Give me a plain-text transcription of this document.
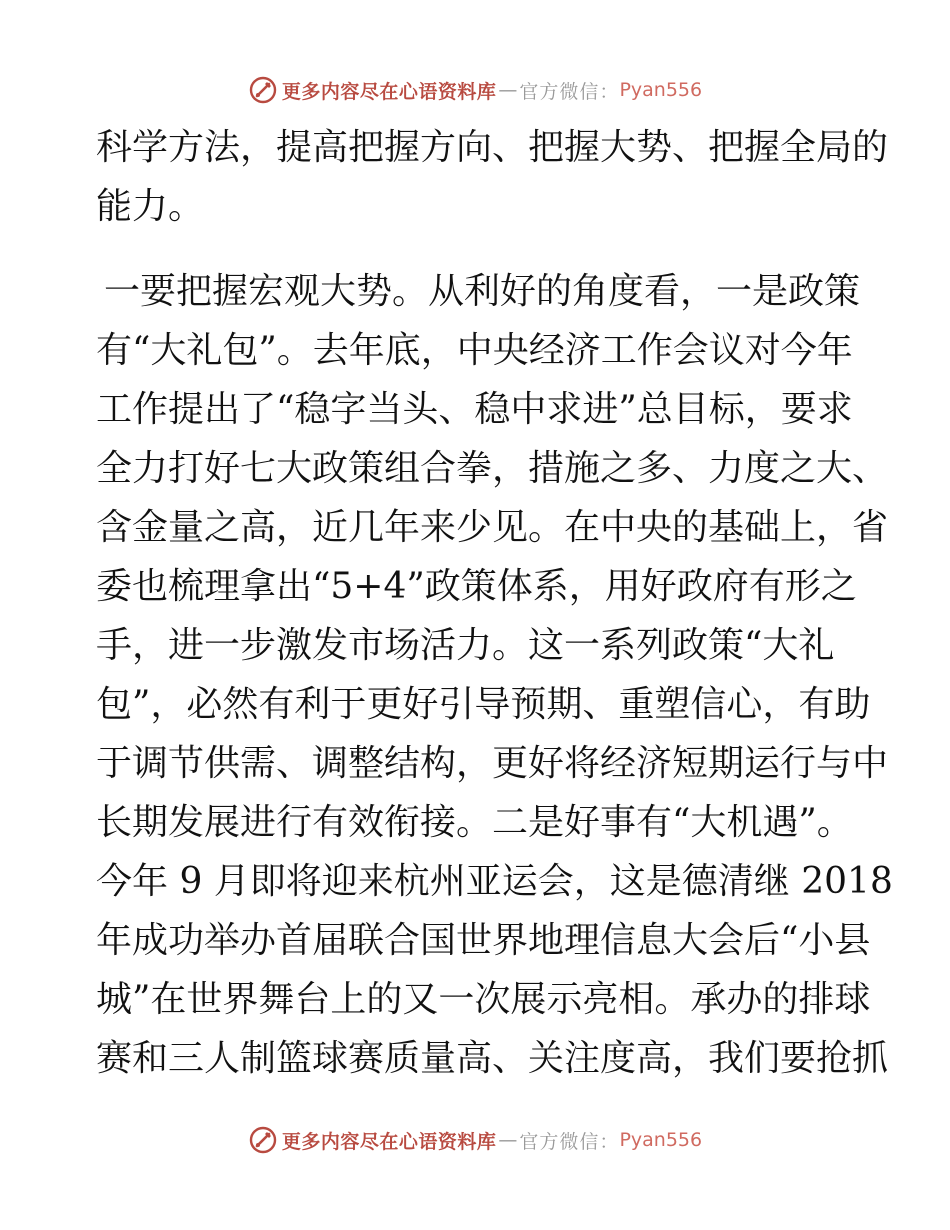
更多内容尽在心语资料库 — 官方微信： Pyan556
科学方法，提高把握方向、把握大势、把握全局的
能力。
一要把握宏观大势。从利好的角度看，一是政策
有“大礼包”。去年底，中央经济工作会议对今年
工作提出了“稳字当头、稳中求进”总目标，要求
全力打好七大政策组合拳，措施之多、力度之大、
含金量之高，近几年来少见。在中央的基础上，省
委也梳理拿出“5+4”政策体系，用好政府有形之
手，进一步激发市场活力。这一系列政策“大礼
包”，必然有利于更好引导预期、重塑信心，有助
于调节供需、调整结构，更好将经济短期运行与中
长期发展进行有效衔接。二是好事有“大机遇”。
今年 9 月即将迎来杭州亚运会，这是德清继 2018
年成功举办首届联合国世界地理信息大会后“小县
城”在世界舞台上的又一次展示亮相。承办的排球
赛和三人制篮球赛质量高、关注度高，我们要抢抓
更多内容尽在心语资料库 — 官方微信： Pyan556
